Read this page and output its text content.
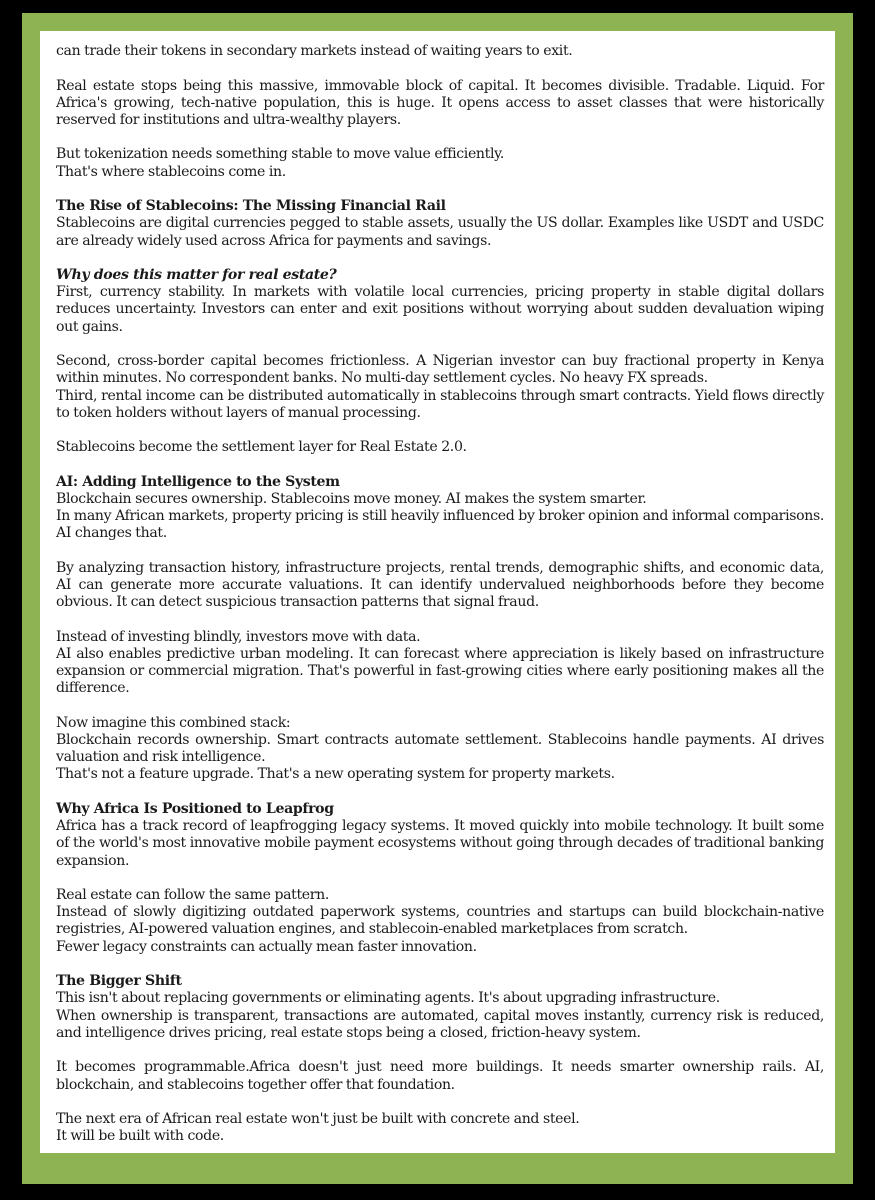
can trade their tokens in secondary markets instead of waiting years to exit.

Real estate stops being this massive, immovable block of capital. It becomes divisible. Tradable. Liquid. For Africa's growing, tech-native population, this is huge. It opens access to asset classes that were historically reserved for institutions and ultra-wealthy players.

But tokenization needs something stable to move value efficiently.

That's where stablecoins come in.

The Rise of Stablecoins: The Missing Financial Rail

Stablecoins are digital currencies pegged to stable assets, usually the US dollar. Examples like USDT and USDC are already widely used across Africa for payments and savings.

Why does this matter for real estate?

First, currency stability. In markets with volatile local currencies, pricing property in stable digital dollars reduces uncertainty. Investors can enter and exit positions without worrying about sudden devaluation wiping out gains.

Second, cross-border capital becomes frictionless. A Nigerian investor can buy fractional property in Kenya within minutes. No correspondent banks. No multi-day settlement cycles. No heavy FX spreads.

Third, rental income can be distributed automatically in stablecoins through smart contracts. Yield flows directly to token holders without layers of manual processing.

Stablecoins become the settlement layer for Real Estate 2.0.

AI: Adding Intelligence to the System

Blockchain secures ownership. Stablecoins move money. AI makes the system smarter.

In many African markets, property pricing is still heavily influenced by broker opinion and informal comparisons. AI changes that.

By analyzing transaction history, infrastructure projects, rental trends, demographic shifts, and economic data, AI can generate more accurate valuations. It can identify undervalued neighborhoods before they become obvious. It can detect suspicious transaction patterns that signal fraud.

Instead of investing blindly, investors move with data.

AI also enables predictive urban modeling. It can forecast where appreciation is likely based on infrastructure expansion or commercial migration. That's powerful in fast-growing cities where early positioning makes all the difference.

Now imagine this combined stack:

Blockchain records ownership. Smart contracts automate settlement. Stablecoins handle payments. AI drives valuation and risk intelligence.

That's not a feature upgrade. That's a new operating system for property markets.

Why Africa Is Positioned to Leapfrog

Africa has a track record of leapfrogging legacy systems. It moved quickly into mobile technology. It built some of the world's most innovative mobile payment ecosystems without going through decades of traditional banking expansion.

Real estate can follow the same pattern.

Instead of slowly digitizing outdated paperwork systems, countries and startups can build blockchain-native registries, AI-powered valuation engines, and stablecoin-enabled marketplaces from scratch.

Fewer legacy constraints can actually mean faster innovation.

The Bigger Shift

This isn't about replacing governments or eliminating agents. It's about upgrading infrastructure.

When ownership is transparent, transactions are automated, capital moves instantly, currency risk is reduced, and intelligence drives pricing, real estate stops being a closed, friction-heavy system.

It becomes programmable.Africa doesn't just need more buildings. It needs smarter ownership rails. AI, blockchain, and stablecoins together offer that foundation.

The next era of African real estate won't just be built with concrete and steel.

It will be built with code.
